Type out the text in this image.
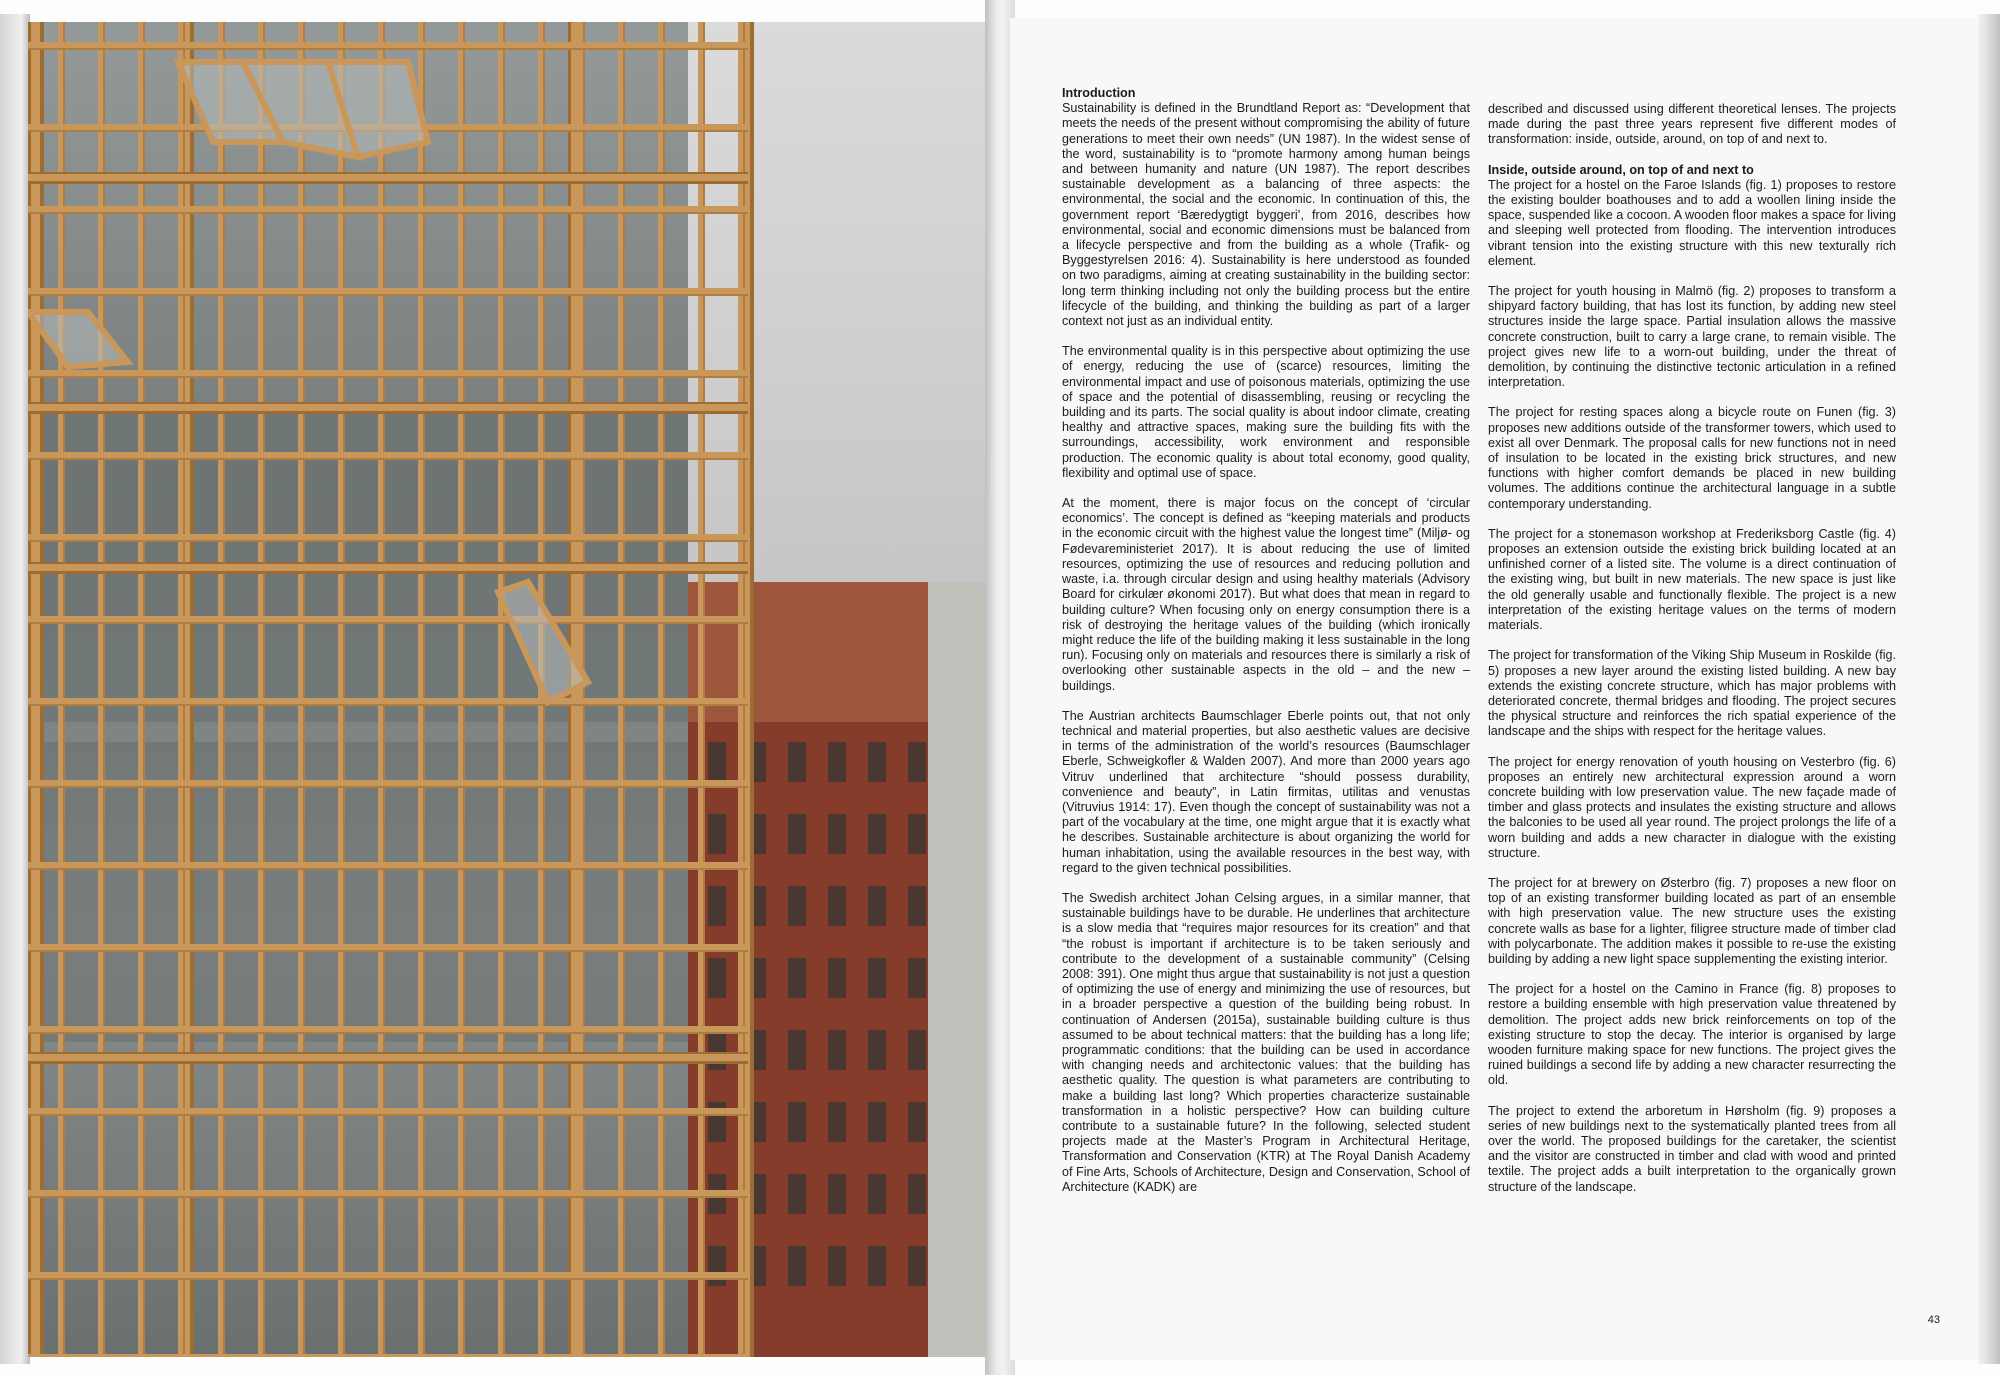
Introduction

Sustainability is defined in the Brundtland Report as: “Development that meets the needs of the present without compromising the ability of future generations to meet their own needs” (UN 1987). In the widest sense of the word, sustainability is to “promote harmony among human beings and between humanity and nature (UN 1987). The report describes sustainable development as a balancing of three aspects: the environmental, the social and the economic. In continuation of this, the government report ‘Bæredygtigt byggeri’, from 2016, describes how environmental, social and economic dimensions must be balanced from a lifecycle perspective and from the building as a whole (Trafik- og Byggestyrelsen 2016: 4). Sustainability is here understood as founded on two paradigms, aiming at creating sustainability in the building sector: long term thinking including not only the building process but the entire lifecycle of the building, and thinking the building as part of a larger context not just as an individual entity.

The environmental quality is in this perspective about optimizing the use of energy, reducing the use of (scarce) resources, limiting the environmental impact and use of poisonous materials, optimizing the use of space and the potential of disassembling, reusing or recycling the building and its parts. The social quality is about indoor climate, creating healthy and attractive spaces, making sure the building fits with the surroundings, accessibility, work environment and responsible production. The economic quality is about total economy, good quality, flexibility and optimal use of space.

At the moment, there is major focus on the concept of ‘circular economics’. The concept is defined as “keeping materials and products in the economic circuit with the highest value the longest time” (Miljø- og Fødevareministeriet 2017). It is about reducing the use of limited resources, optimizing the use of resources and reducing pollution and waste, i.a. through circular design and using healthy materials (Advisory Board for cirkulær økonomi 2017). But what does that mean in regard to building culture? When focusing only on energy consumption there is a risk of destroying the heritage values of the building (which ironically might reduce the life of the building making it less sustainable in the long run). Focusing only on materials and resources there is similarly a risk of overlooking other sustainable aspects in the old – and the new – buildings.

The Austrian architects Baumschlager Eberle points out, that not only technical and material properties, but also aesthetic values are decisive in terms of the administration of the world’s resources (Baumschlager Eberle, Schweigkofler & Walden 2007). And more than 2000 years ago Vitruv underlined that architecture “should possess durability, convenience and beauty”, in Latin firmitas, utilitas and venustas (Vitruvius 1914: 17). Even though the concept of sustainability was not a part of the vocabulary at the time, one might argue that it is exactly what he describes. Sustainable architecture is about organizing the world for human inhabitation, using the available resources in the best way, with regard to the given technical possibilities.

The Swedish architect Johan Celsing argues, in a similar manner, that sustainable buildings have to be durable. He underlines that architecture is a slow media that “requires major resources for its creation” and that “the robust is important if architecture is to be taken seriously and contribute to the development of a sustainable community” (Celsing 2008: 391). One might thus argue that sustainability is not just a question of optimizing the use of energy and minimizing the use of resources, but in a broader perspective a question of the building being robust. In continuation of Andersen (2015a), sustainable building culture is thus assumed to be about technical matters: that the building has a long life; programmatic conditions: that the building can be used in accordance with changing needs and architectonic values: that the building has aesthetic quality. The question is what parameters are contributing to make a building last long? Which properties characterize sustainable transformation in a holistic perspective? How can building culture contribute to a sustainable future? In the following, selected student projects made at the Master’s Program in Architectural Heritage, Transformation and Conservation (KTR) at The Royal Danish Academy of Fine Arts, Schools of Architecture, Design and Conservation, School of Architecture (KADK) are

described and discussed using different theoretical lenses. The projects made during the past three years represent five different modes of transformation: inside, outside, around, on top of and next to.

Inside, outside around, on top of and next to

The project for a hostel on the Faroe Islands (fig. 1) proposes to restore the existing boulder boathouses and to add a woollen lining inside the space, suspended like a cocoon. A wooden floor makes a space for living and sleeping well protected from flooding. The intervention introduces vibrant tension into the existing structure with this new texturally rich element.

The project for youth housing in Malmö (fig. 2) proposes to transform a shipyard factory building, that has lost its function, by adding new steel structures inside the large space. Partial insulation allows the massive concrete construction, built to carry a large crane, to remain visible. The project gives new life to a worn-out building, under the threat of demolition, by continuing the distinctive tectonic articulation in a refined interpretation.

The project for resting spaces along a bicycle route on Funen (fig. 3) proposes new additions outside of the transformer towers, which used to exist all over Denmark. The proposal calls for new functions not in need of insulation to be located in the existing brick structures, and new functions with higher comfort demands be placed in new building volumes. The additions continue the architectural language in a subtle contemporary understanding.

The project for a stonemason workshop at Frederiksborg Castle (fig. 4) proposes an extension outside the existing brick building located at an unfinished corner of a listed site. The volume is a direct continuation of the existing wing, but built in new materials. The new space is just like the old generally usable and functionally flexible. The project is a new interpretation of the existing heritage values on the terms of modern materials.

The project for transformation of the Viking Ship Museum in Roskilde (fig. 5) proposes a new layer around the existing listed building. A new bay extends the existing concrete structure, which has major problems with deteriorated concrete, thermal bridges and flooding. The project secures the physical structure and reinforces the rich spatial experience of the landscape and the ships with respect for the heritage values.

The project for energy renovation of youth housing on Vesterbro (fig. 6) proposes an entirely new architectural expression around a worn concrete building with low preservation value. The new façade made of timber and glass protects and insulates the existing structure and allows the balconies to be used all year round. The project prolongs the life of a worn building and adds a new character in dialogue with the existing structure.

The project for at brewery on Østerbro (fig. 7) proposes a new floor on top of an existing transformer building located as part of an ensemble with high preservation value. The new structure uses the existing concrete walls as base for a lighter, filigree structure made of timber clad with polycarbonate. The addition makes it possible to re-use the existing building by adding a new light space supplementing the existing interior.

The project for a hostel on the Camino in France (fig. 8) proposes to restore a building ensemble with high preservation value threatened by demolition. The project adds new brick reinforcements on top of the existing structure to stop the decay. The interior is organised by large wooden furniture making space for new functions. The project gives the ruined buildings a second life by adding a new character resurrecting the old.

The project to extend the arboretum in Hørsholm (fig. 9) proposes a series of new buildings next to the systematically planted trees from all over the world. The proposed buildings for the caretaker, the scientist and the visitor are constructed in timber and clad with wood and printed textile. The project adds a built interpretation to the organically grown structure of the landscape.

43
